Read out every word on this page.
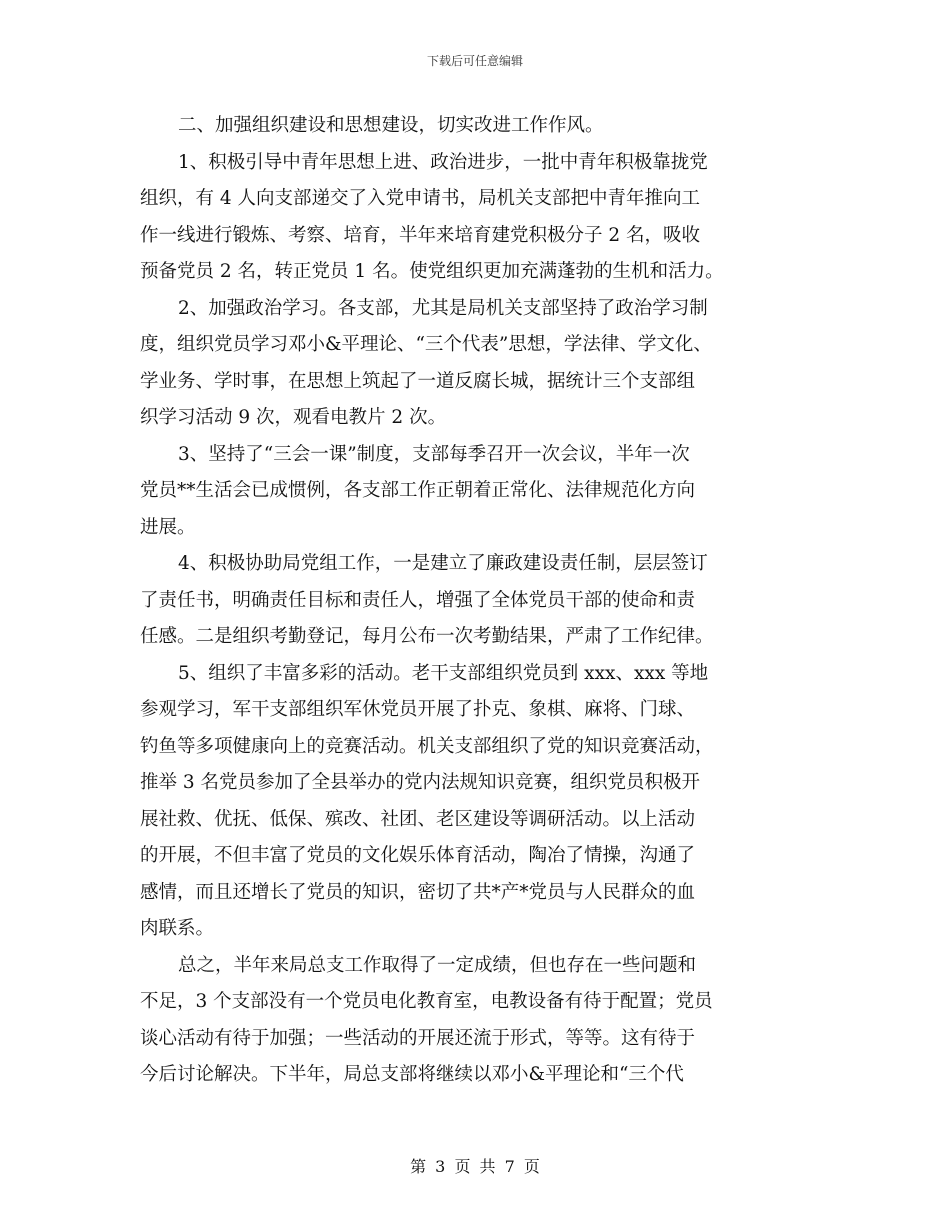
下载后可任意编辑
二、加强组织建设和思想建设，切实改进工作作风。
1、积极引导中青年思想上进、政治进步，一批中青年积极靠拢党
组织，有 4 人向支部递交了入党申请书，局机关支部把中青年推向工
作一线进行锻炼、考察、培育，半年来培育建党积极分子 2 名，吸收
预备党员 2 名，转正党员 1 名。使党组织更加充满蓬勃的生机和活力。
2、加强政治学习。各支部，尤其是局机关支部坚持了政治学习制
度，组织党员学习邓小&平理论、“三个代表”思想，学法律、学文化、
学业务、学时事，在思想上筑起了一道反腐长城，据统计三个支部组
织学习活动 9 次，观看电教片 2 次。
3、坚持了“三会一课”制度，支部每季召开一次会议，半年一次
党员**生活会已成惯例，各支部工作正朝着正常化、法律规范化方向
进展。
4、积极协助局党组工作，一是建立了廉政建设责任制，层层签订
了责任书，明确责任目标和责任人，增强了全体党员干部的使命和责
任感。二是组织考勤登记，每月公布一次考勤结果，严肃了工作纪律。
5、组织了丰富多彩的活动。老干支部组织党员到 xxx、xxx 等地
参观学习，军干支部组织军休党员开展了扑克、象棋、麻将、门球、
钓鱼等多项健康向上的竞赛活动。机关支部组织了党的知识竞赛活动，
推举 3 名党员参加了全县举办的党内法规知识竞赛，组织党员积极开
展社救、优抚、低保、殡改、社团、老区建设等调研活动。以上活动
的开展，不但丰富了党员的文化娱乐体育活动，陶冶了情操，沟通了
感情，而且还增长了党员的知识，密切了共*产*党员与人民群众的血
肉联系。
总之，半年来局总支工作取得了一定成绩，但也存在一些问题和
不足，3 个支部没有一个党员电化教育室，电教设备有待于配置；党员
谈心活动有待于加强；一些活动的开展还流于形式，等等。这有待于
今后讨论解决。下半年，局总支部将继续以邓小&平理论和“三个代
第 3 页 共 7 页
